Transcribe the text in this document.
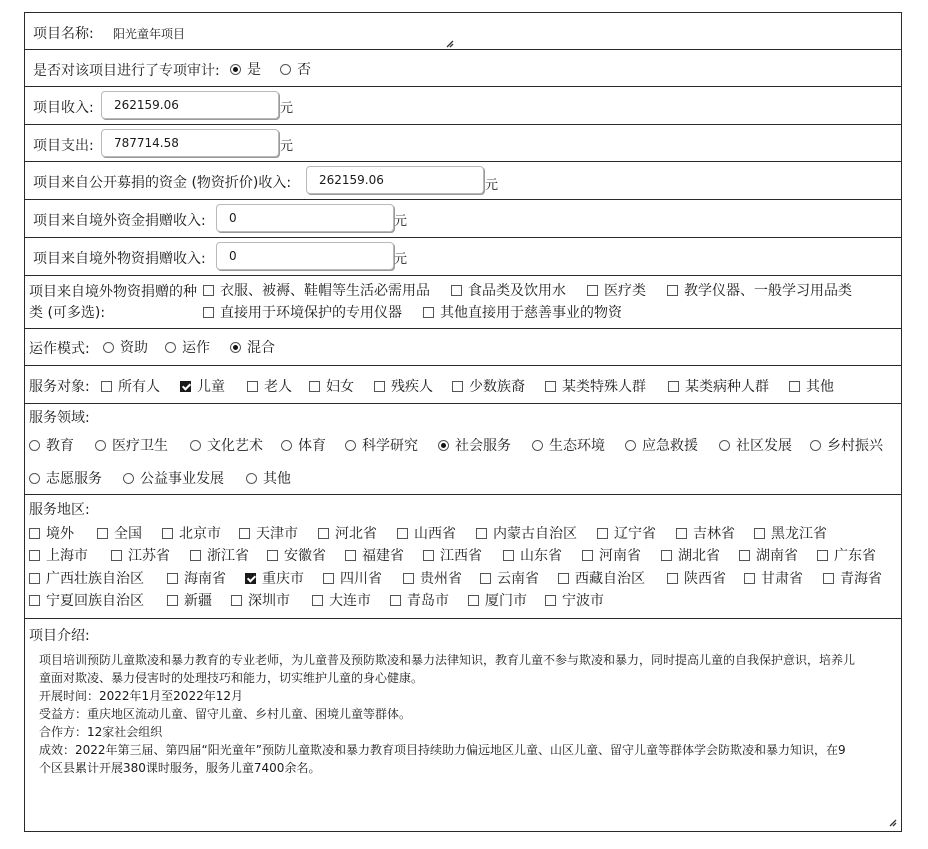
项目名称: 阳光童年项目
是否对该项目进行了专项审计: 是	否
项目收入:	262159.06	元
项目支出:	787714.58	元
项目来自公开募捐的资金 (物资折价)收入:	262159.06	元
项目来自境外资金捐赠收入:	0	元
项目来自境外物资捐赠收入:	0	元
项目来自境外物资捐赠的种
类 (可多选):
衣服、被褥、鞋帽等生活必需用品	食品类及饮用水	医疗类	教学仪器、一般学习用品类
直接用于环境保护的专用仪器	其他直接用于慈善事业的物资
运作模式: 资助 运作	混合
服务对象: 所有人	儿童	老人 妇女	残疾人	少数族裔	某类特殊人群	某类病种人群	其他
服务领域:
教育	医疗卫生	文化艺术	体育	科学研究	社会服务	生态环境	应急救援	社区发展	乡村振兴
志愿服务	公益事业发展	其他
服务地区:
境外	全国	北京市	天津市	河北省	山西省	内蒙古自治区	辽宁省	吉林省	黑龙江省
上海市	江苏省	浙江省	安徽省	福建省	江西省	山东省	河南省	湖北省	湖南省	广东省
广西壮族自治区	海南省	重庆市	四川省	贵州省	云南省	西藏自治区	陕西省	甘肃省	青海省
宁夏回族自治区	新疆	深圳市	大连市	青岛市	厦门市	宁波市
项目介绍:
项目培训预防儿童欺凌和暴力教育的专业老师，为儿童普及预防欺凌和暴力法律知识，教育儿童不参与欺凌和暴力，同时提高儿童的自我保护意识，培养儿
童面对欺凌、暴力侵害时的处理技巧和能力，切实维护儿童的身心健康。
开展时间：2022年1月至2022年12月
受益方：重庆地区流动儿童、留守儿童、乡村儿童、困境儿童等群体。
合作方：12家社会组织
成效：2022年第三届、第四届“阳光童年”预防儿童欺凌和暴力教育项目持续助力偏远地区儿童、山区儿童、留守儿童等群体学会防欺凌和暴力知识，在9
个区县累计开展380课时服务，服务儿童7400余名。
